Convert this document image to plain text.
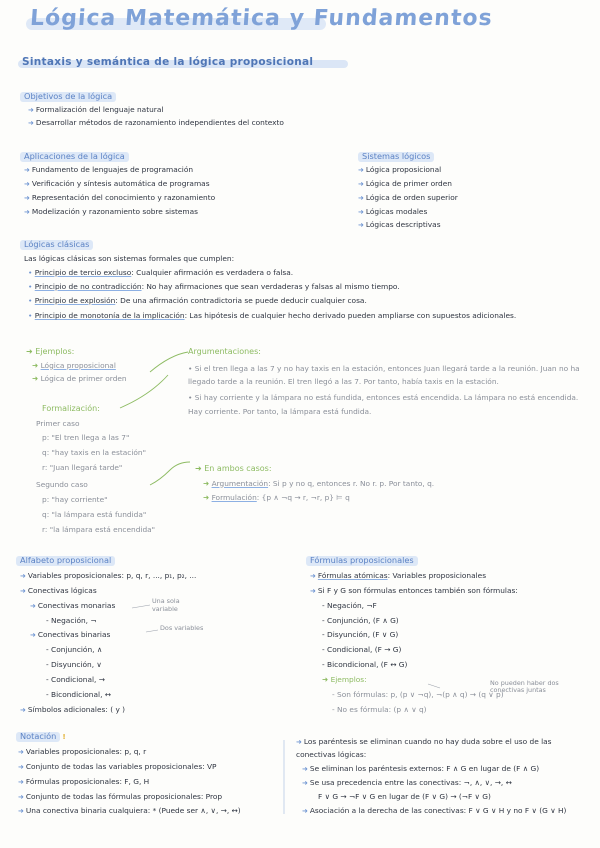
Lógica Matemática y Fundamentos
Sintaxis y semántica de la lógica proposicional
Objetivos de la lógica
➜ Formalización del lenguaje natural
➜ Desarrollar métodos de razonamiento independientes del contexto
Aplicaciones de la lógica
➜ Fundamento de lenguajes de programación
➜ Verificación y síntesis automática de programas
➜ Representación del conocimiento y razonamiento
➜ Modelización y razonamiento sobre sistemas
Sistemas lógicos
➜ Lógica proposicional
➜ Lógica de primer orden
➜ Lógica de orden superior
➜ Lógicas modales
➜ Lógicas descriptivas
Lógicas clásicas
Las lógicas clásicas son sistemas formales que cumplen:
• Principio de tercio excluso: Cualquier afirmación es verdadera o falsa.
• Principio de no contradicción: No hay afirmaciones que sean verdaderas y falsas al mismo tiempo.
• Principio de explosión: De una afirmación contradictoria se puede deducir cualquier cosa.
• Principio de monotonía de la implicación: Las hipótesis de cualquier hecho derivado pueden ampliarse con supuestos adicionales.
➜ Ejemplos:
➜ Lógica proposicional
➜ Lógica de primer orden
Formalización:
Primer caso
p: "El tren llega a las 7"
q: "hay taxis en la estación"
r: "Juan llegará tarde"
Segundo caso
p: "hay corriente"
q: "la lámpara está fundida"
r: "la lámpara está encendida"
Argumentaciones:
• Si el tren llega a las 7 y no hay taxis en la estación, entonces Juan llegará tarde a la reunión. Juan no ha llegado tarde a la reunión. El tren llegó a las 7. Por tanto, había taxis en la estación.
• Si hay corriente y la lámpara no está fundida, entonces está encendida. La lámpara no está encendida. Hay corriente. Por tanto, la lámpara está fundida.
➜ En ambos casos:
➜ Argumentación: Si p y no q, entonces r. No r. p. Por tanto, q.
➜ Formulación: {p ∧ ¬q → r, ¬r, p} ⊨ q
Alfabeto proposicional
➜ Variables proposicionales: p, q, r, ..., p₁, p₂, ...
➜ Conectivas lógicas
➜ Conectivas monarias
- Negación, ¬
➜ Conectivas binarias
- Conjunción, ∧
- Disyunción, ∨
- Condicional, →
- Bicondicional, ↔
➜ Símbolos adicionales: ( y )
Una sola variable
Dos variables
Fórmulas proposicionales
➜ Fórmulas atómicas: Variables proposicionales
➜ Si F y G son fórmulas entonces también son fórmulas:
- Negación, ¬F
- Conjunción, (F ∧ G)
- Disyunción, (F ∨ G)
- Condicional, (F → G)
- Bicondicional, (F ↔ G)
➜ Ejemplos:
- Son fórmulas: p, (p ∨ ¬q), ¬(p ∧ q) → (q ∨ p)
- No es fórmula: (p ∧ ∨ q)
No pueden haber dos conectivas juntas
Notación !
➜ Variables proposicionales: p, q, r
➜ Conjunto de todas las variables proposicionales: VP
➜ Fórmulas proposicionales: F, G, H
➜ Conjunto de todas las fórmulas proposicionales: Prop
➜ Una conectiva binaria cualquiera: * (Puede ser ∧, ∨, →, ↔)
➜ Los paréntesis se eliminan cuando no hay duda sobre el uso de las conectivas lógicas:
➜ Se eliminan los paréntesis externos: F ∧ G en lugar de (F ∧ G)
➜ Se usa precedencia entre las conectivas: ¬, ∧, ∨, →, ↔
F ∨ G → ¬F ∨ G en lugar de (F ∨ G) → (¬F ∨ G)
➜ Asociación a la derecha de las conectivas: F ∨ G ∨ H y no F ∨ (G ∨ H)
